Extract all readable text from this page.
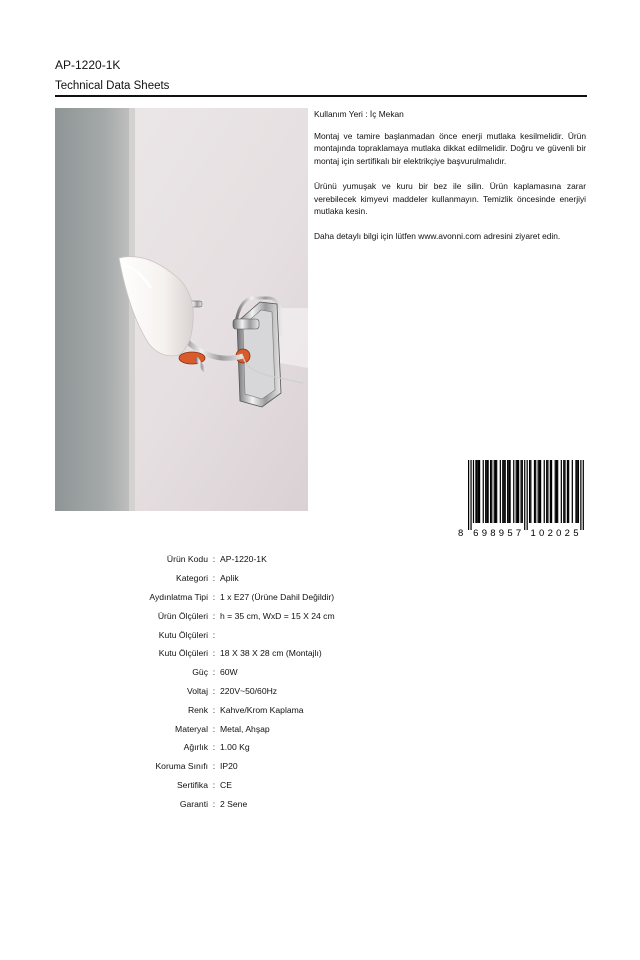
AP-1220-1K
Technical Data Sheets

Kullanım Yeri : İç Mekan

Montaj ve tamire başlanmadan önce enerji mutlaka kesilmelidir. Ürün montajında topraklamaya mutlaka dikkat edilmelidir. Doğru ve güvenli bir montaj için sertifikalı bir elektrikçiye başvurulmalıdır.

Ürünü yumuşak ve kuru bir bez ile silin. Ürün kaplamasına zarar verebilecek kimyevi maddeler kullanmayın. Temizlik öncesinde enerjiyi mutlaka kesin.

Daha detaylı bilgi için lütfen www.avonni.com adresini ziyaret edin.

8 6 9 8 9 5 7 1 0 2 0 2 5
Ürün Kodu : AP-1220-1K
Kategori : Aplik
Aydınlatma Tipi : 1 x E27 (Ürüne Dahil Değildir)
Ürün Ölçüleri : h = 35 cm, WxD = 15 X 24 cm
Kutu Ölçüleri :
Kutu Ölçüleri : 18 X 38 X 28 cm (Montajlı)
Güç : 60W
Voltaj : 220V~50/60Hz
Renk : Kahve/Krom Kaplama
Materyal : Metal, Ahşap
Ağırlık : 1.00 Kg
Koruma Sınıfı : IP20
Sertifika : CE
Garanti : 2 Sene
